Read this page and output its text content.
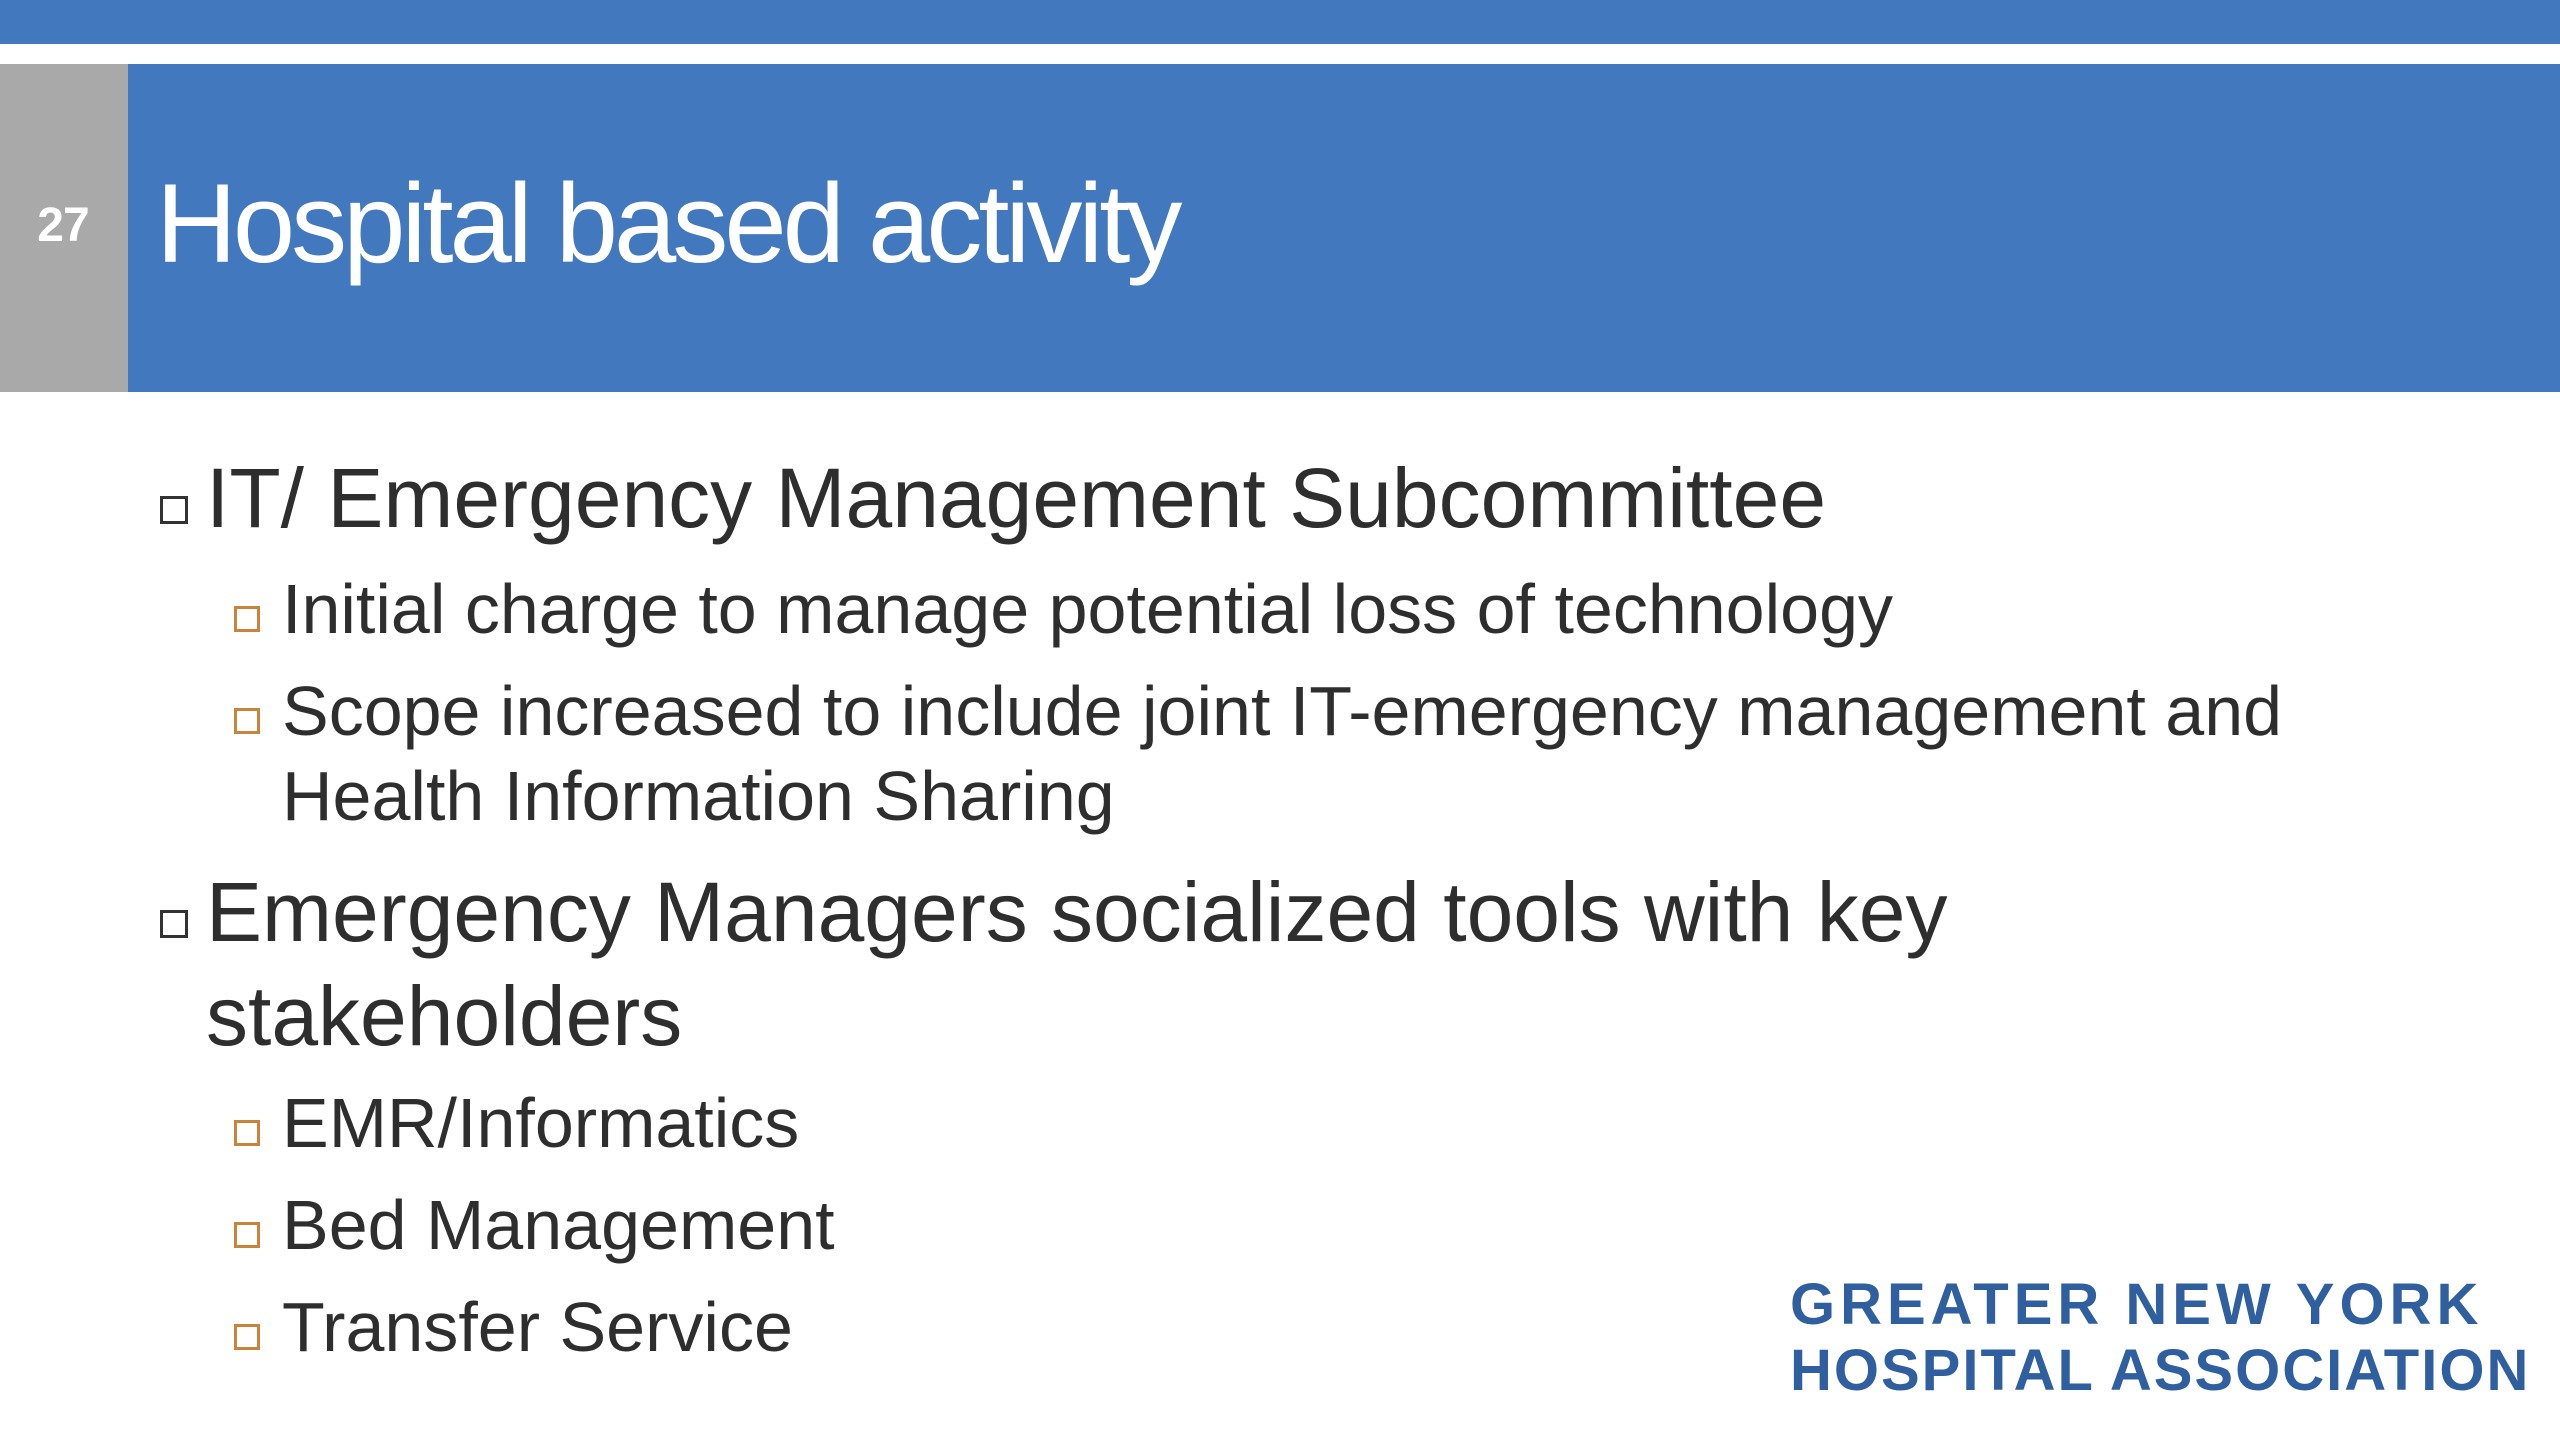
27 Hospital based activity
IT/ Emergency Management Subcommittee
Initial charge to manage potential loss of technology
Scope increased to include joint IT-emergency management and
Health Information Sharing
Emergency Managers socialized tools with key
stakeholders
EMR/Informatics
Bed Management
Transfer Service	GREATER NEW YORK
HOSPITAL ASSOCIATION
